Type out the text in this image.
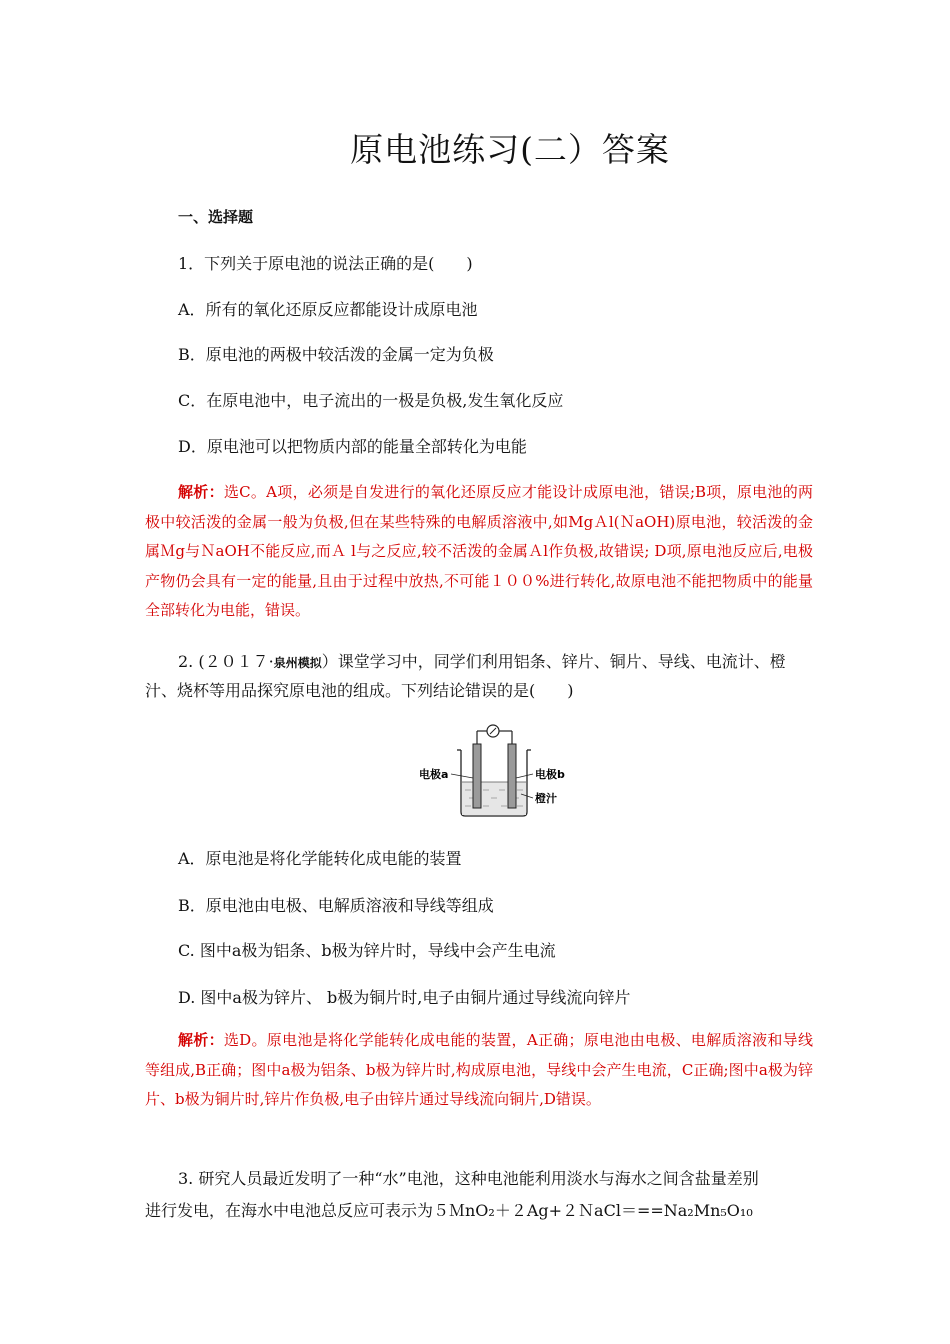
原电池练习(二）答案
一、选择题
1．下列关于原电池的说法正确的是(　　)
A．所有的氧化还原反应都能设计成原电池
B．原电池的两极中较活泼的金属一定为负极
C．在原电池中，电子流出的一极是负极,发生氧化反应
D．原电池可以把物质内部的能量全部转化为电能
解析：选C。A项，必须是自发进行的氧化还原反应才能设计成原电池，错误;B项，原电池的两极中较活泼的金属一般为负极,但在某些特殊的电解质溶液中,如MgＡl(ＮaOH)原电池，较活泼的金属Ｍg与ＮaOH不能反应,而Ａ l与之反应,较不活泼的金属Ａl作负极,故错误; D项,原电池反应后,电极产物仍会具有一定的能量,且由于过程中放热,不可能１００%进行转化,故原电池不能把物质中的能量全部转化为电能，错误。
2. (２０１７·泉州模拟）课堂学习中，同学们利用铝条、锌片、铜片、导线、电流计、橙汁、烧杯等用品探究原电池的组成。下列结论错误的是(　　)
电极a	电极b
橙汁
A．原电池是将化学能转化成电能的装置
B．原电池由电极、电解质溶液和导线等组成
C. 图中a极为铝条、b极为锌片时，导线中会产生电流
D. 图中a极为锌片、 b极为铜片时,电子由铜片通过导线流向锌片
解析：选D。原电池是将化学能转化成电能的装置，A正确；原电池由电极、电解质溶液和导线等组成,B正确；图中a极为铝条、b极为锌片时,构成原电池，导线中会产生电流，C正确;图中a极为锌片、b极为铜片时,锌片作负极,电子由锌片通过导线流向铜片,D错误。
3. 研究人员最近发明了一种“水”电池，这种电池能利用淡水与海水之间含盐量差别
进行发电，在海水中电池总反应可表示为５ＭnO₂＋２Ag+２ＮaCl＝==Na₂Mn₅O₁₀
